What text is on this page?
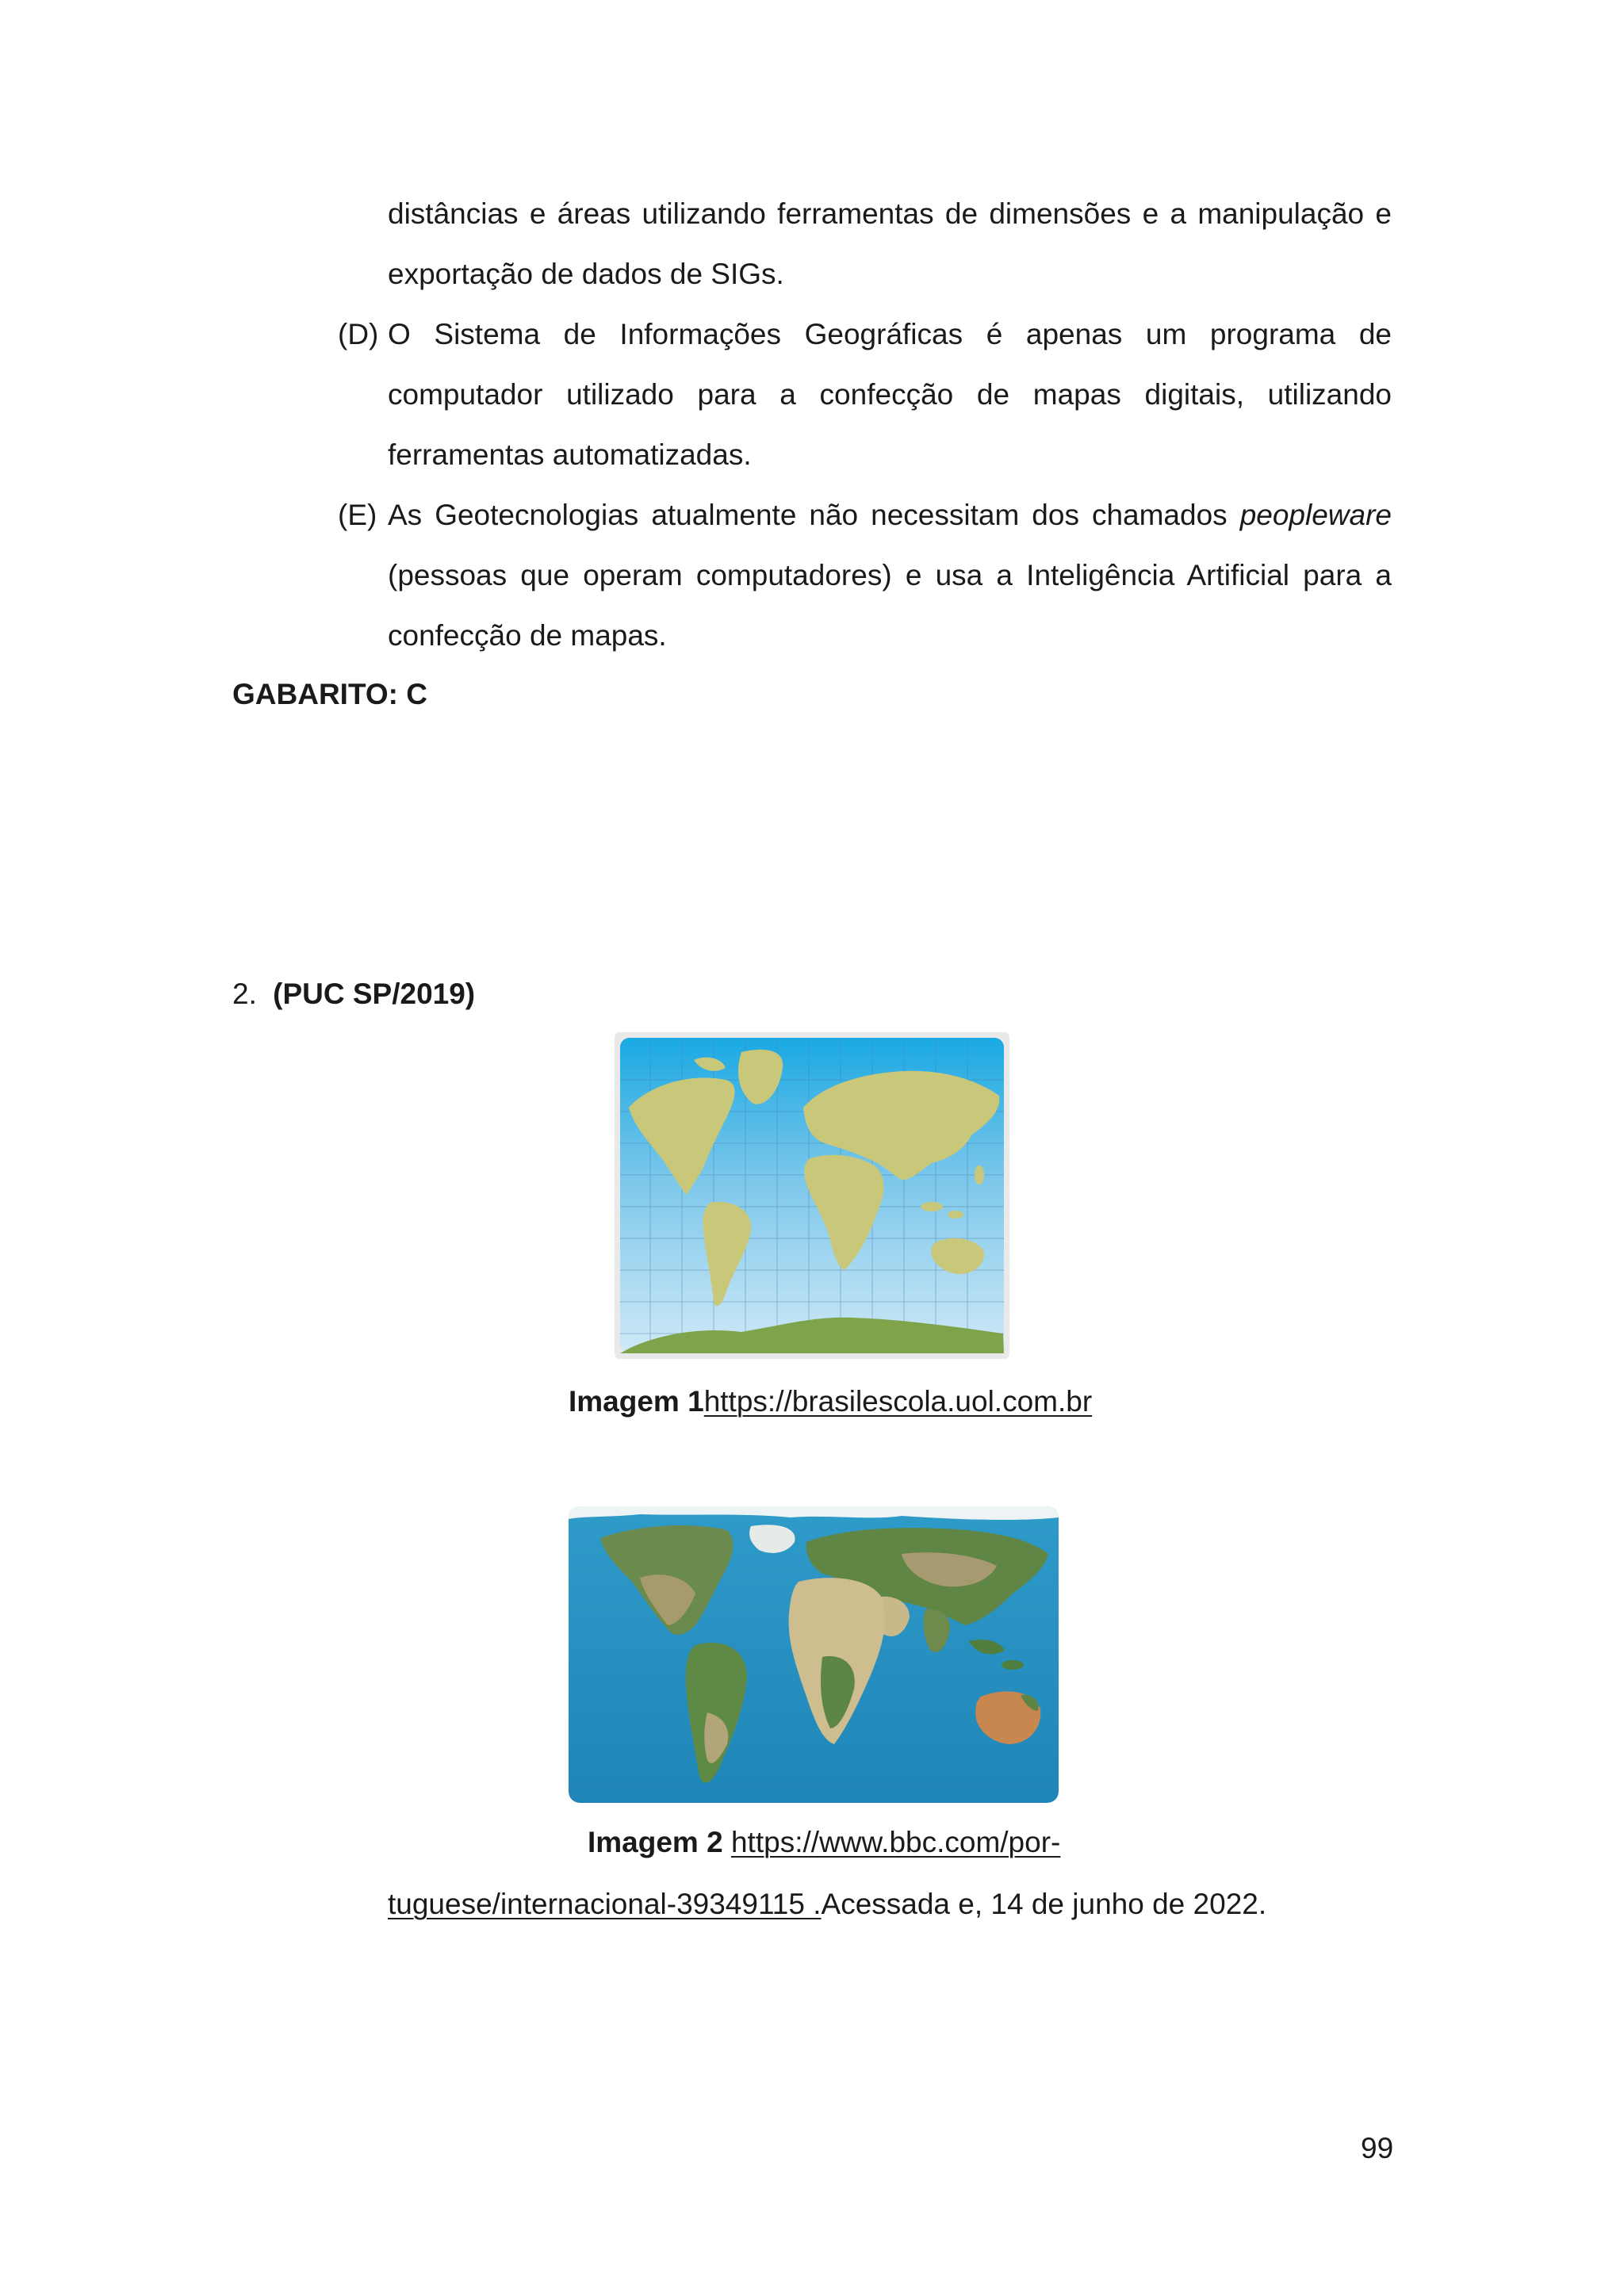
distâncias e áreas utilizando ferramentas de dimensões e a manipulação e
exportação de dados de SIGs.
(D) O Sistema de Informações Geográficas é apenas um programa de
computador utilizado para a confecção de mapas digitais, utilizando
ferramentas automatizadas.
(E) As Geotecnologias atualmente não necessitam dos chamados peopleware
(pessoas que operam computadores) e usa a Inteligência Artificial para a
confecção de mapas.
GABARITO: C
2. (PUC SP/2019)
Imagem 1https://brasilescola.uol.com.br
Imagem 2 https://www.bbc.com/por-
tuguese/internacional-39349115 .Acessada e, 14 de junho de 2022.
99
